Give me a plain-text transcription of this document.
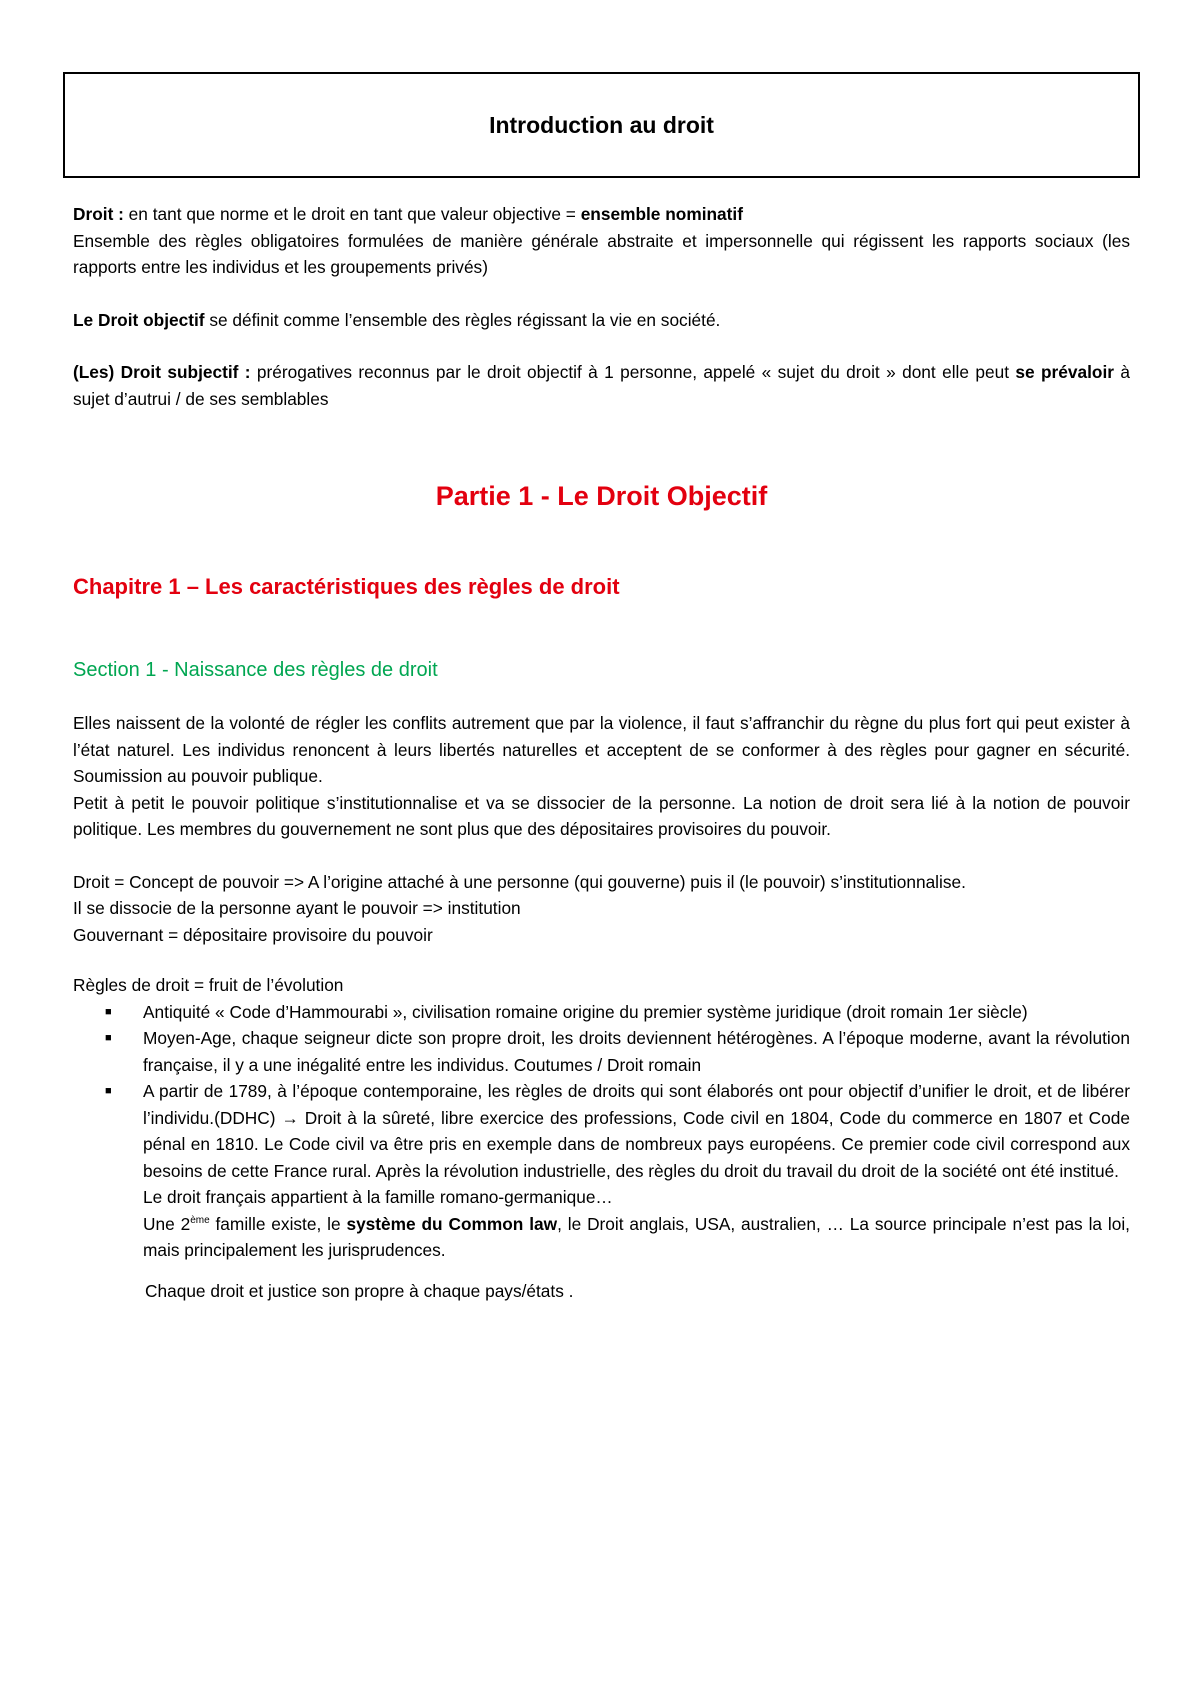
Introduction au droit

Droit : en tant que norme et le droit en tant que valeur objective = ensemble nominatif

Ensemble des règles obligatoires formulées de manière générale abstraite et impersonnelle qui régissent les rapports sociaux (les rapports entre les individus et les groupements privés)

Le Droit objectif se définit comme l’ensemble des règles régissant la vie en société.

(Les) Droit subjectif : prérogatives reconnus par le droit objectif à 1 personne, appelé « sujet du droit » dont elle peut se prévaloir à sujet d’autrui / de ses semblables

Partie 1 - Le Droit Objectif

Chapitre 1 – Les caractéristiques des règles de droit

Section 1 - Naissance des règles de droit

Elles naissent de la volonté de régler les conflits autrement que par la violence, il faut s’affranchir du règne du plus fort qui peut exister à l’état naturel. Les individus renoncent à leurs libertés naturelles et acceptent de se conformer à des règles pour gagner en sécurité. Soumission au pouvoir publique.

Petit à petit le pouvoir politique s’institutionnalise et va se dissocier de la personne. La notion de droit sera lié à la notion de pouvoir politique. Les membres du gouvernement ne sont plus que des dépositaires provisoires du pouvoir.

Droit = Concept de pouvoir => A l’origine attaché à une personne (qui gouverne) puis il (le pouvoir) s’institutionnalise.

Il se dissocie de la personne ayant le pouvoir => institution

Gouvernant = dépositaire provisoire du pouvoir

Règles de droit = fruit de l’évolution

■ Antiquité « Code d’Hammourabi », civilisation romaine origine du premier système juridique (droit romain 1er siècle)
■ Moyen-Age, chaque seigneur dicte son propre droit, les droits deviennent hétérogènes. A l’époque moderne, avant la révolution française, il y a une inégalité entre les individus. Coutumes / Droit romain
■ A partir de 1789, à l’époque contemporaine, les règles de droits qui sont élaborés ont pour objectif d’unifier le droit, et de libérer l’individu.(DDHC) → Droit à la sûreté, libre exercice des professions, Code civil en 1804, Code du commerce en 1807 et Code pénal en 1810. Le Code civil va être pris en exemple dans de nombreux pays européens. Ce premier code civil correspond aux besoins de cette France rural. Après la révolution industrielle, des règles du droit du travail du droit de la société ont été institué.

Le droit français appartient à la famille romano-germanique…

Une 2ème famille existe, le système du Common law, le Droit anglais, USA, australien, … La source principale n’est pas la loi, mais principalement les jurisprudences.

Chaque droit et justice son propre à chaque pays/états .
